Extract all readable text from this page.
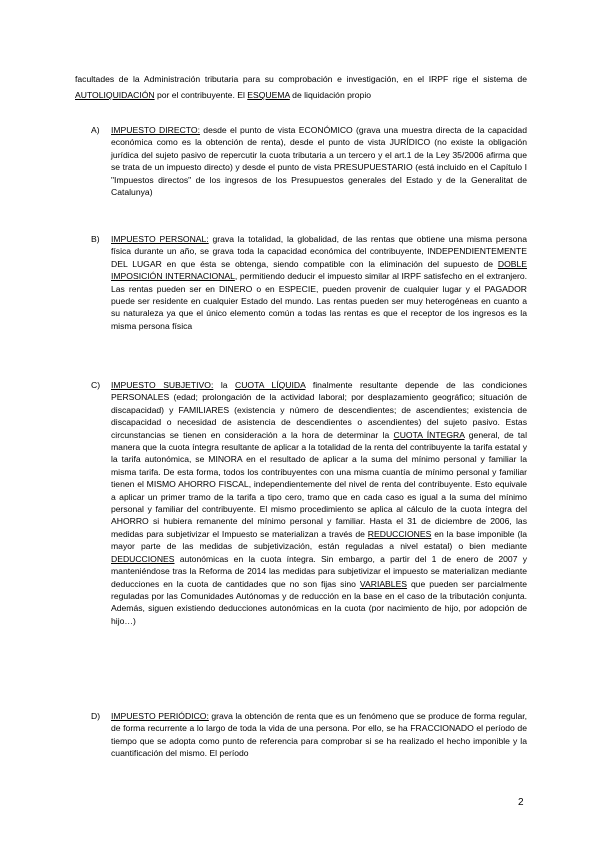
facultades de la Administración tributaria para su comprobación e investigación, en el IRPF rige el sistema de AUTOLIQUIDACIÓN por el contribuyente. El ESQUEMA de liquidación propio

A)	IMPUESTO DIRECTO: desde el punto de vista ECONÓMICO (grava una muestra directa de la capacidad económica como es la obtención de renta), desde el punto de vista JURÍDICO (no existe la obligación jurídica del sujeto pasivo de repercutir la cuota tributaria a un tercero y el art.1 de la Ley 35/2006 afirma que se trata de un impuesto directo) y desde el punto de vista PRESUPUESTARIO (está incluido en el Capítulo I "Impuestos directos" de los ingresos de los Presupuestos generales del Estado y de la Generalitat de Catalunya)

B)	IMPUESTO PERSONAL: grava la totalidad, la globalidad, de las rentas que obtiene una misma persona física durante un año, se grava toda la capacidad económica del contribuyente, INDEPENDIENTEMENTE DEL LUGAR en que ésta se obtenga, siendo compatible con la eliminación del supuesto de DOBLE IMPOSICIÓN INTERNACIONAL, permitiendo deducir el impuesto similar al IRPF satisfecho en el extranjero. Las rentas pueden ser en DINERO o en ESPECIE, pueden provenir de cualquier lugar y el PAGADOR puede ser residente en cualquier Estado del mundo. Las rentas pueden ser muy heterogéneas en cuanto a su naturaleza ya que el único elemento común a todas las rentas es que el receptor de los ingresos es la misma persona física

C)	IMPUESTO SUBJETIVO: la CUOTA LÍQUIDA finalmente resultante depende de las condiciones PERSONALES (edad; prolongación de la actividad laboral; por desplazamiento geográfico; situación de discapacidad) y FAMILIARES (existencia y número de descendientes; de ascendientes; existencia de discapacidad o necesidad de asistencia de descendientes o ascendientes) del sujeto pasivo. Estas circunstancias se tienen en consideración a la hora de determinar la CUOTA ÍNTEGRA general, de tal manera que la cuota íntegra resultante de aplicar a la totalidad de la renta del contribuyente la tarifa estatal y la tarifa autonómica, se MINORA en el resultado de aplicar a la suma del mínimo personal y familiar la misma tarifa. De esta forma, todos los contribuyentes con una misma cuantía de mínimo personal y familiar tienen el MISMO AHORRO FISCAL, independientemente del nivel de renta del contribuyente. Esto equivale a aplicar un primer tramo de la tarifa a tipo cero, tramo que en cada caso es igual a la suma del mínimo personal y familiar del contribuyente. El mismo procedimiento se aplica al cálculo de la cuota íntegra del AHORRO si hubiera remanente del mínimo personal y familiar. Hasta el 31 de diciembre de 2006, las medidas para subjetivizar el Impuesto se materializan a través de REDUCCIONES en la base imponible (la mayor parte de las medidas de subjetivización, están reguladas a nivel estatal) o bien mediante DEDUCCIONES autonómicas en la cuota íntegra. Sin embargo, a partir del 1 de enero de 2007 y manteniéndose tras la Reforma de 2014 las medidas para subjetivizar el impuesto se materializan mediante deducciones en la cuota de cantidades que no son fijas sino VARIABLES que pueden ser parcialmente reguladas por las Comunidades Autónomas y de reducción en la base en el caso de la tributación conjunta. Además, siguen existiendo deducciones autonómicas en la cuota (por nacimiento de hijo, por adopción de hijo…)

D)	IMPUESTO PERIÓDICO: grava la obtención de renta que es un fenómeno que se produce de forma regular, de forma recurrente a lo largo de toda la vida de una persona. Por ello, se ha FRACCIONADO el período de tiempo que se adopta como punto de referencia para comprobar si se ha realizado el hecho imponible y la cuantificación del mismo. El período

2
